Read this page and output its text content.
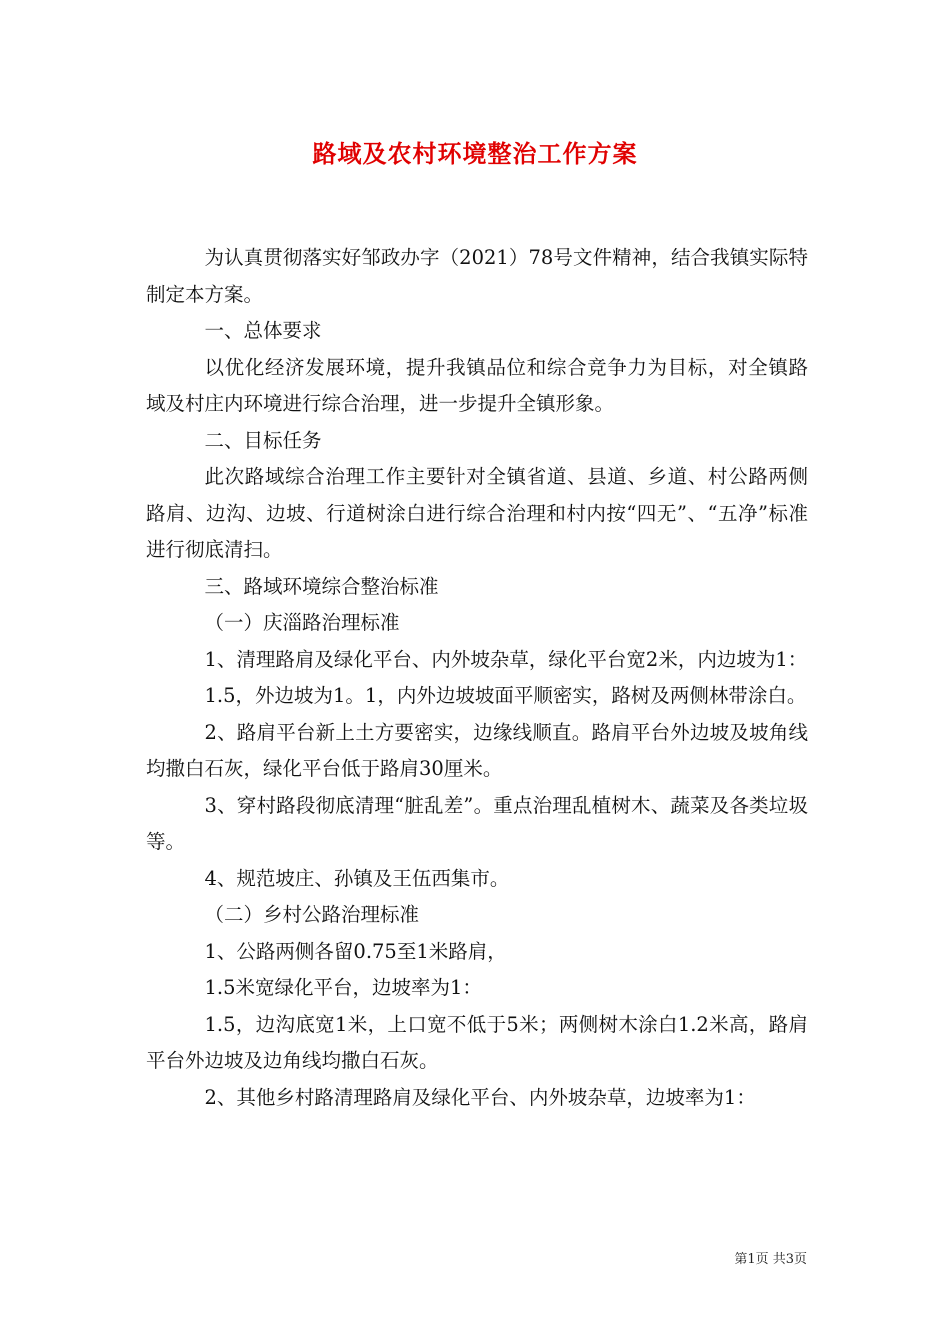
路域及农村环境整治工作方案

为认真贯彻落实好邹政办字（2021）78号文件精神，结合我镇实际特制定本方案。

一、总体要求

以优化经济发展环境，提升我镇品位和综合竞争力为目标，对全镇路域及村庄内环境进行综合治理，进一步提升全镇形象。

二、目标任务

此次路域综合治理工作主要针对全镇省道、县道、乡道、村公路两侧路肩、边沟、边坡、行道树涂白进行综合治理和村内按“四无”、“五净”标准进行彻底清扫。

三、路域环境综合整治标准

（一）庆淄路治理标准

1、清理路肩及绿化平台、内外坡杂草，绿化平台宽2米，内边坡为1：

1.5，外边坡为1。1，内外边坡坡面平顺密实，路树及两侧林带涂白。

2、路肩平台新上土方要密实，边缘线顺直。路肩平台外边坡及坡角线均撒白石灰，绿化平台低于路肩30厘米。

3、穿村路段彻底清理“脏乱差”。重点治理乱植树木、蔬菜及各类垃圾等。

4、规范坡庄、孙镇及王伍西集市。

（二）乡村公路治理标准

1、公路两侧各留0.75至1米路肩，

1.5米宽绿化平台，边坡率为1：

1.5，边沟底宽1米，上口宽不低于5米；两侧树木涂白1.2米高，路肩平台外边坡及边角线均撒白石灰。

2、其他乡村路清理路肩及绿化平台、内外坡杂草，边坡率为1：

第1页 共3页
